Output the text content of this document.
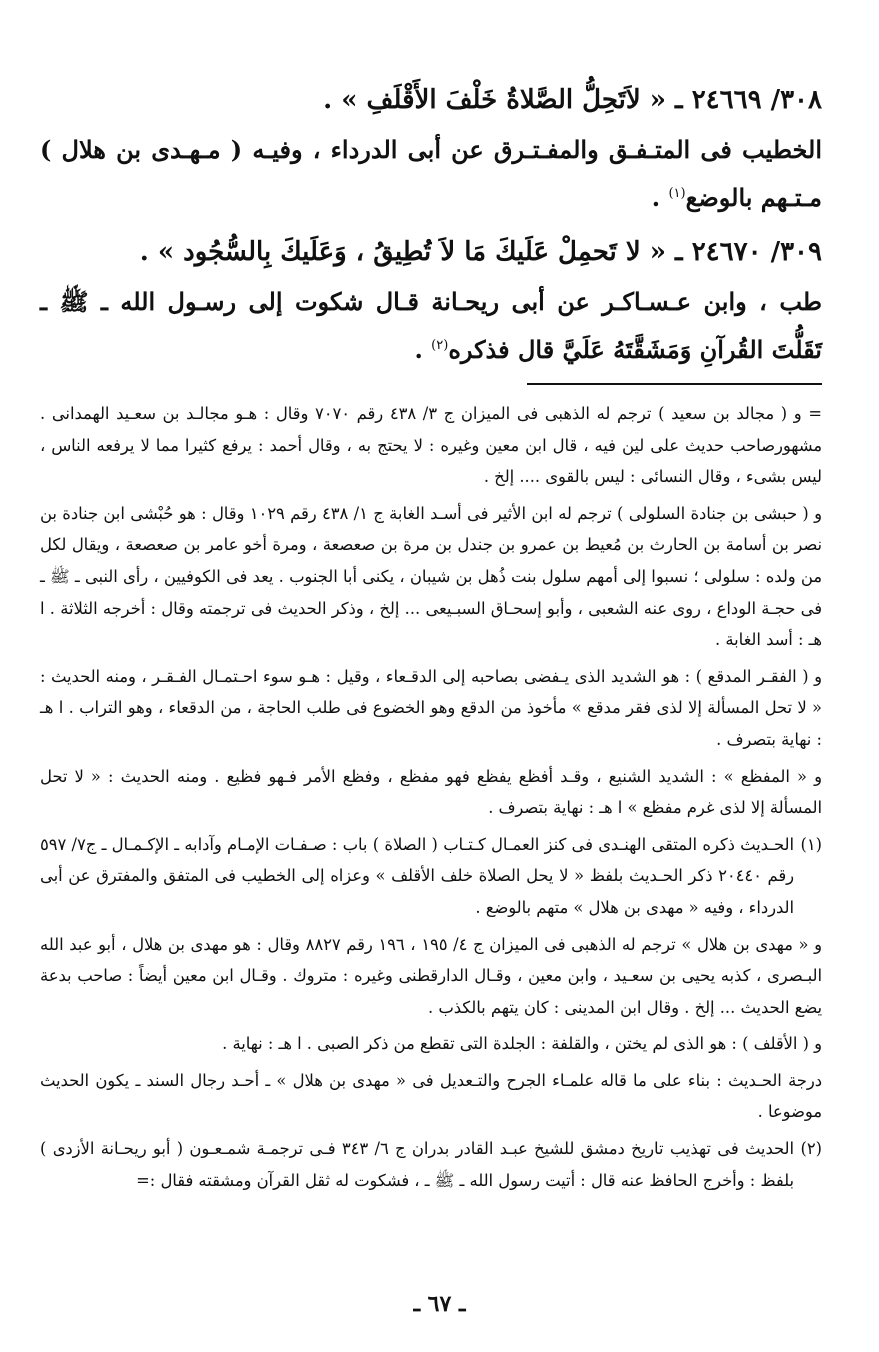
٣٠٨/ ٢٤٦٦٩ ـ « لاَتَحِلُّ الصَّلاةُ خَلْفَ الأَقْلَفِ » .

الخطيب فى المتـفـق والمفـتـرق عن أبى الدرداء ، وفيـه ( مـهـدى بن هلال ) مـتـهم بالوضع$^{(١)}$ .

٣٠٩/ ٢٤٦٧٠ ـ « لا تَحمِلْ عَلَيكَ مَا لاَ تُطِيقُ ، وَعَلَيكَ بِالسُّجُود » .

طب ، وابن عـسـاكـر عن أبى ريحـانة قـال شكوت إلى رسـول الله ـ ﷺ ـ تَقَلُّتَ القُرآنِ وَمَشَقَّتَهُ عَلَيَّ قال فذكره$^{(٢)}$ .

= و ( مجالد بن سعيد ) ترجم له الذهبى فى الميزان ج ٣/ ٤٣٨ رقم ٧٠٧٠ وقال : هـو مجالـد بن سعـيد الهمدانى . مشهورصاحب حديث على لين فيه ، قال ابن معين وغيره : لا يحتج به ، وقال أحمد : يرفع كثيرا مما لا يرفعه الناس ، ليس بشىء ، وقال النسائى : ليس بالقوى .... إلخ .

و ( حبشى بن جنادة السلولى ) ترجم له ابن الأثير فى أسـد الغابة ج ١/ ٤٣٨ رقم ١٠٢٩ وقال : هو حُبْشى ابن جنادة بن نصر بن أسامة بن الحارث بن مُعيط بن عمرو بن جندل بن مرة بن صعصعة ، ومرة أخو عامر بن صعصعة ، ويقال لكل من ولده : سلولى ؛ نسبوا إلى أمهم سلول بنت ذُهل بن شيبان ، يكنى أبا الجنوب . يعد فى الكوفيين ، رأى النبى ـ ﷺ ـ فى حجـة الوداع ، روى عنه الشعبى ، وأبو إسحـاق السبـيعى ... إلخ ، وذكر الحديث فى ترجمته وقال : أخرجه الثلاثة . ا هـ : أسد الغابة .

و ( الفقـر المدقع ) : هو الشديد الذى يـفضى بصاحبه إلى الدقـعاء ، وقيل : هـو سوء احـتمـال الفـقـر ، ومنه الحديث : « لا تحل المسألة إلا لذى فقر مدقع » مأخوذ من الدقع وهو الخضوع فى طلب الحاجة ، من الدقعاء ، وهو التراب . ا هـ : نهاية بتصرف .

و « المفظع » : الشديد الشنيع ، وقـد أفظع يفظع فهو مفظع ، وفظع الأمر فـهو فظيع . ومنه الحديث : « لا تحل المسألة إلا لذى غرم مفظع » ا هـ : نهاية بتصرف .

(١)
الحـديث ذكره المتقى الهنـدى فى كنز العمـال كـتـاب ( الصلاة ) باب : صـفـات الإمـام وآدابه ـ الإكـمـال ـ ج٧/ ٥٩٧ رقم ٢٠٤٤٠ ذكر الحـديث بلفظ « لا يحل الصلاة خلف الأقلف » وعزاه إلى الخطيب فى المتفق والمفترق عن أبى الدرداء ، وفيه « مهدى بن هلال » متهم بالوضع .

و « مهدى بن هلال » ترجم له الذهبى فى الميزان ج ٤/ ١٩٥ ، ١٩٦ رقم ٨٨٢٧ وقال : هو مهدى بن هلال ، أبو عبد الله البـصرى ، كذبه يحيى بن سعـيد ، وابن معين ، وقـال الدارقطنى وغيره : متروك . وقـال ابن معين أيضاً : صاحب بدعة يضع الحديث ... إلخ . وقال ابن المدينى : كان يتهم بالكذب .

و ( الأقلف ) : هو الذى لم يختن ، والقلفة : الجلدة التى تقطع من ذكر الصبى . ا هـ : نهاية .

درجة الحـديث : بناء على ما قاله علمـاء الجرح والتـعديل فى « مهدى بن هلال » ـ أحـد رجال السند ـ يكون الحديث موضوعا .

(٢)
الحديث فى تهذيب تاريخ دمشق للشيخ عبـد القادر بدران ج ٦/ ٣٤٣ فـى ترجمـة شمـعـون ( أبو ريحـانة الأزدى ) بلفظ : وأخرج الحافظ عنه قال : أتيت رسول الله ـ ﷺ ـ ، فشكوت له ثقل القرآن ومشقته فقال :=

ـ ٦٧ ـ
